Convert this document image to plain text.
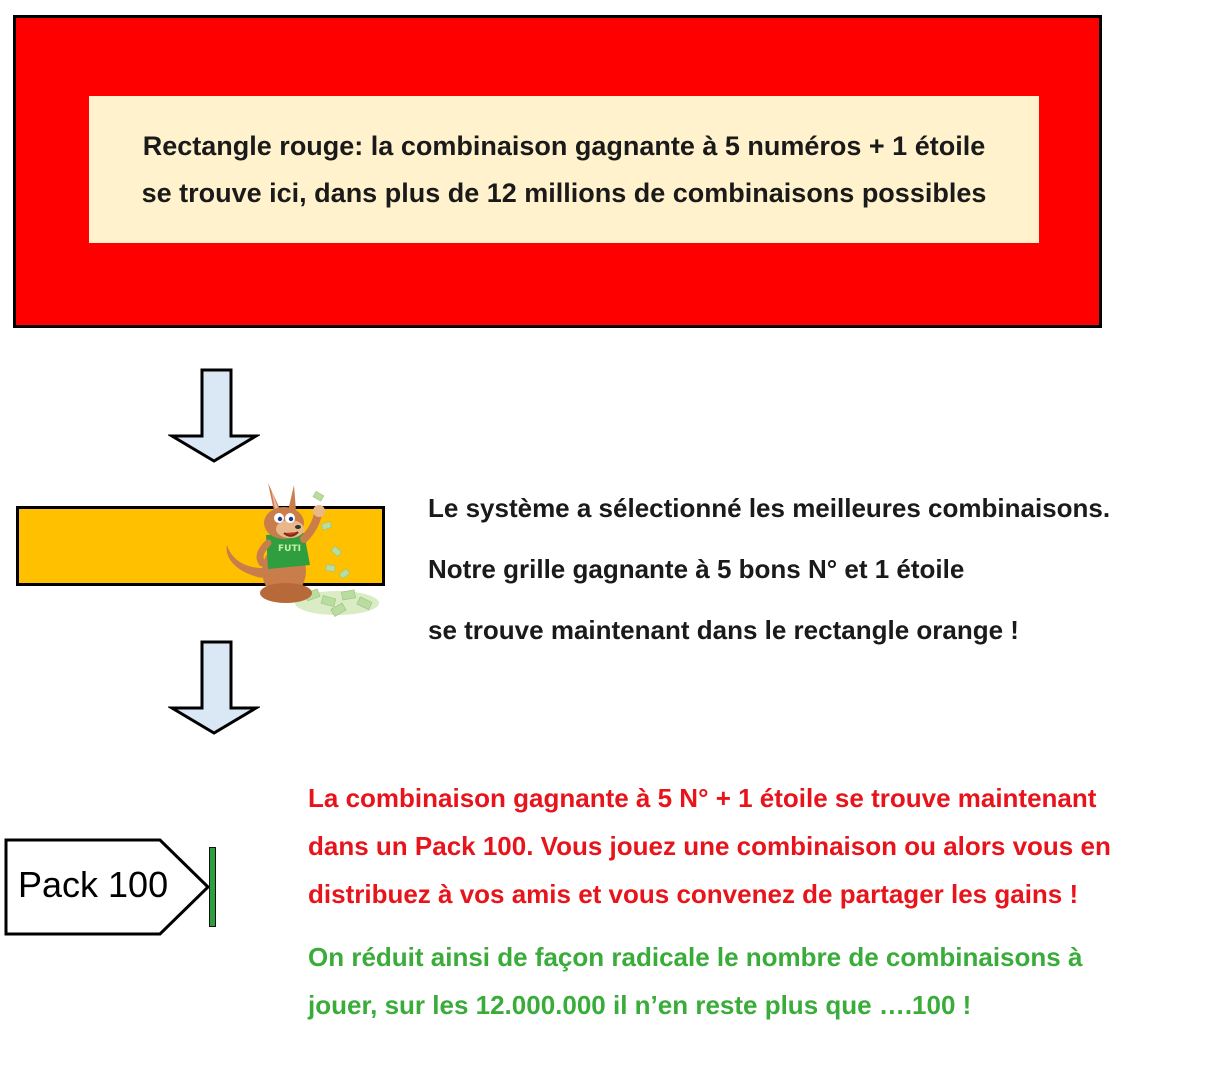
Rectangle rouge: la combinaison gagnante à 5 numéros + 1 étoile
se trouve ici, dans plus de 12 millions de combinaisons possibles
FUTI
Le système a sélectionné les meilleures combinaisons.
Notre grille gagnante à 5 bons N° et 1 étoile
se trouve maintenant dans le rectangle orange !
Pack 100
La combinaison gagnante à 5 N° + 1 étoile se trouve maintenant
dans un Pack 100. Vous jouez une combinaison ou alors vous en
distribuez à vos amis et vous convenez de partager les gains !
On réduit ainsi de façon radicale le nombre de combinaisons à
jouer, sur les 12.000.000 il n’en reste plus que ….100 !
